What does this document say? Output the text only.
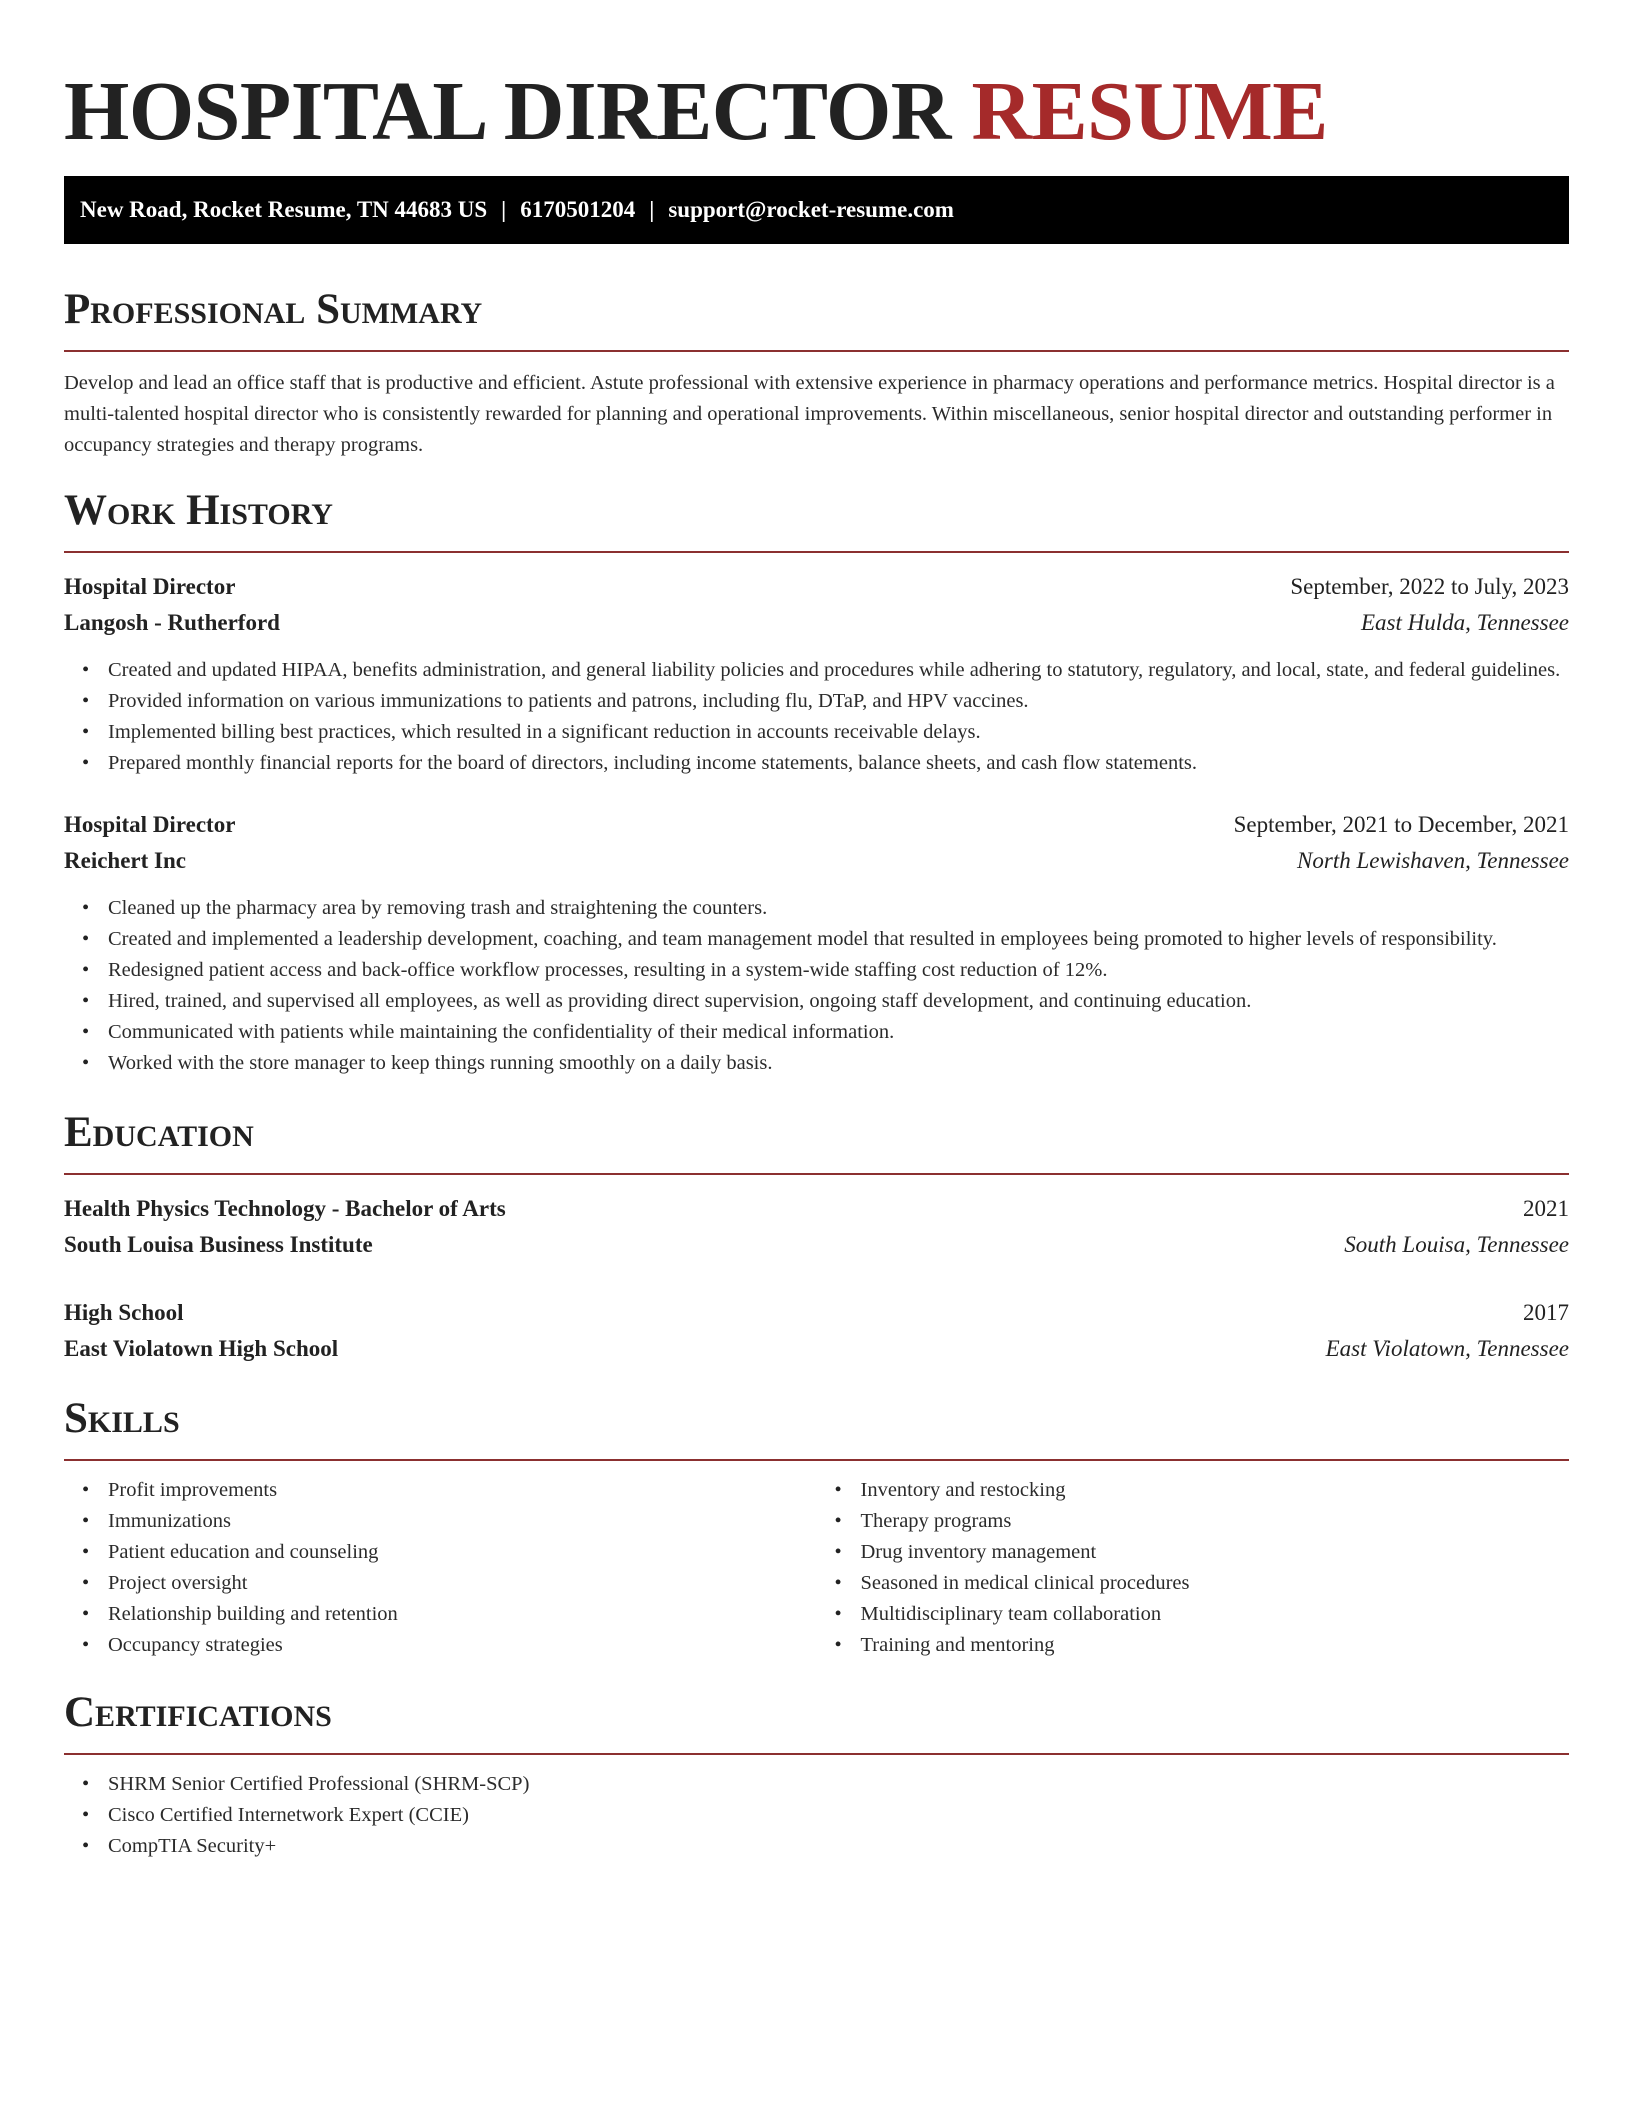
HOSPITAL DIRECTOR RESUME
New Road, Rocket Resume, TN 44683 US | 6170501204 | support@rocket-resume.com
Professional Summary
Develop and lead an office staff that is productive and efficient. Astute professional with extensive experience in pharmacy operations and performance metrics. Hospital director is a multi-talented hospital director who is consistently rewarded for planning and operational improvements. Within miscellaneous, senior hospital director and outstanding performer in occupancy strategies and therapy programs.
Work History
Hospital Director	September, 2022 to July, 2023
Langosh - Rutherford	East Hulda, Tennessee
• Created and updated HIPAA, benefits administration, and general liability policies and procedures while adhering to statutory, regulatory, and local, state, and federal guidelines.
• Provided information on various immunizations to patients and patrons, including flu, DTaP, and HPV vaccines.
• Implemented billing best practices, which resulted in a significant reduction in accounts receivable delays.
• Prepared monthly financial reports for the board of directors, including income statements, balance sheets, and cash flow statements.
Hospital Director	September, 2021 to December, 2021
Reichert Inc	North Lewishaven, Tennessee
• Cleaned up the pharmacy area by removing trash and straightening the counters.
• Created and implemented a leadership development, coaching, and team management model that resulted in employees being promoted to higher levels of responsibility.
• Redesigned patient access and back-office workflow processes, resulting in a system-wide staffing cost reduction of 12%.
• Hired, trained, and supervised all employees, as well as providing direct supervision, ongoing staff development, and continuing education.
• Communicated with patients while maintaining the confidentiality of their medical information.
• Worked with the store manager to keep things running smoothly on a daily basis.
Education
Health Physics Technology - Bachelor of Arts	2021
South Louisa Business Institute	South Louisa, Tennessee
High School	2017
East Violatown High School	East Violatown, Tennessee
Skills
• Profit improvements
• Immunizations
• Patient education and counseling
• Project oversight
• Relationship building and retention
• Occupancy strategies
• Inventory and restocking
• Therapy programs
• Drug inventory management
• Seasoned in medical clinical procedures
• Multidisciplinary team collaboration
• Training and mentoring
Certifications
• SHRM Senior Certified Professional (SHRM-SCP)
• Cisco Certified Internetwork Expert (CCIE)
• CompTIA Security+
